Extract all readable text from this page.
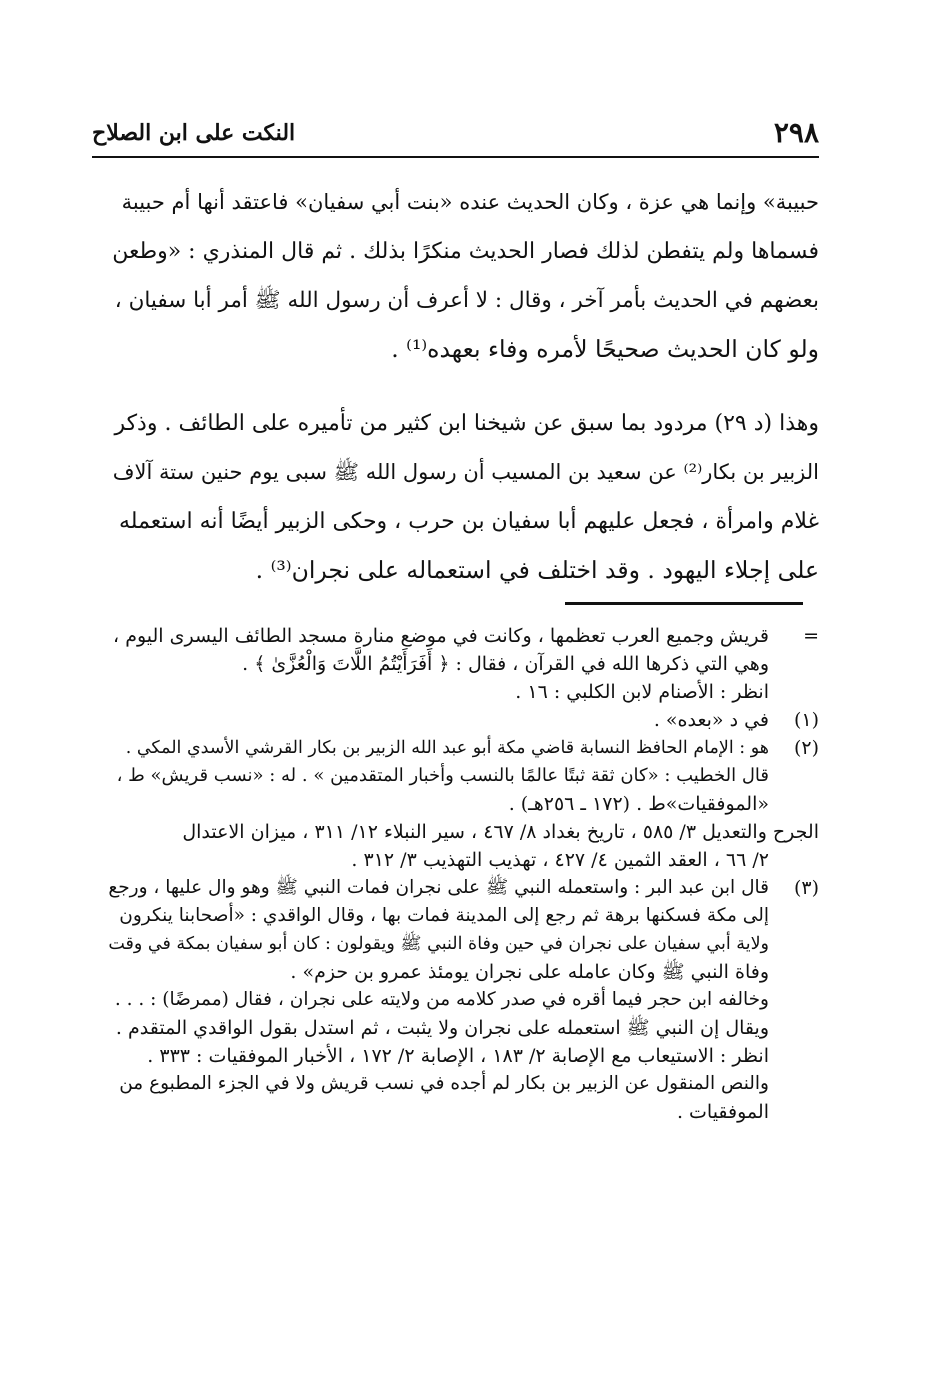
٢٩٨
النكت على ابن الصلاح

حبيبة» وإنما هي عزة ، وكان الحديث عنده «بنت أبي سفيان» فاعتقد أنها أم حبيبة

فسماها ولم يتفطن لذلك فصار الحديث منكرًا بذلك . ثم قال المنذري : «وطعن

بعضهم في الحديث بأمر آخر ، وقال : لا أعرف أن رسول الله ﷺ أمر أبا سفيان ،

ولو كان الحديث صحيحًا لأمره وفاء بعهده⁽¹⁾ .

وهذا (د ٢٩) مردود بما سبق عن شيخنا ابن كثير من تأميره على الطائف . وذكر

الزبير بن بكار⁽²⁾ عن سعيد بن المسيب أن رسول الله ﷺ سبى يوم حنين ستة آلاف

غلام وامرأة ، فجعل عليهم أبا سفيان بن حرب ، وحكى الزبير أيضًا أنه استعمله

على إجلاء اليهود . وقد اختلف في استعماله على نجران⁽³⁾ .

=

قريش وجميع العرب تعظمها ، وكانت في موضع منارة مسجد الطائف اليسرى اليوم ،

وهي التي ذكرها الله في القرآن ، فقال : ﴿ أَفَرَأَيْتُمُ اللَّاتَ وَالْعُزَّىٰ ﴾ .

انظر : الأصنام لابن الكلبي : ١٦ .

(١)

في د «بعده» .

(٢)

هو : الإمام الحافظ النسابة قاضي مكة أبو عبد الله الزبير بن بكار القرشي الأسدي المكي .

قال الخطيب : «كان ثقة ثبتًا عالمًا بالنسب وأخبار المتقدمين » . له : «نسب قريش» ط ،

«الموفقيات»ط . (١٧٢ ـ ٢٥٦هـ) .

الجرح والتعديل ٣/ ٥٨٥ ، تاريخ بغداد ٨/ ٤٦٧ ، سير النبلاء ١٢/ ٣١١ ، ميزان الاعتدال

٢/ ٦٦ ، العقد الثمين ٤/ ٤٢٧ ، تهذيب التهذيب ٣/ ٣١٢ .

(٣)

قال ابن عبد البر : واستعمله النبي ﷺ على نجران فمات النبي ﷺ وهو وال عليها ، ورجع

إلى مكة فسكنها برهة ثم رجع إلى المدينة فمات بها ، وقال الواقدي : «أصحابنا ينكرون

ولاية أبي سفيان على نجران في حين وفاة النبي ﷺ ويقولون : كان أبو سفيان بمكة في وقت

وفاة النبي ﷺ وكان عامله على نجران يومئذ عمرو بن حزم» .

وخالفه ابن حجر فيما أقره في صدر كلامه من ولايته على نجران ، فقال (ممرضًا) : . . .

ويقال إن النبي ﷺ استعمله على نجران ولا يثبت ، ثم استدل بقول الواقدي المتقدم .

انظر : الاستيعاب مع الإصابة ٢/ ١٨٣ ، الإصابة ٢/ ١٧٢ ، الأخبار الموفقيات : ٣٣٣ .

والنص المنقول عن الزبير بن بكار لم أجده في نسب قريش ولا في الجزء المطبوع من

الموفقيات .
